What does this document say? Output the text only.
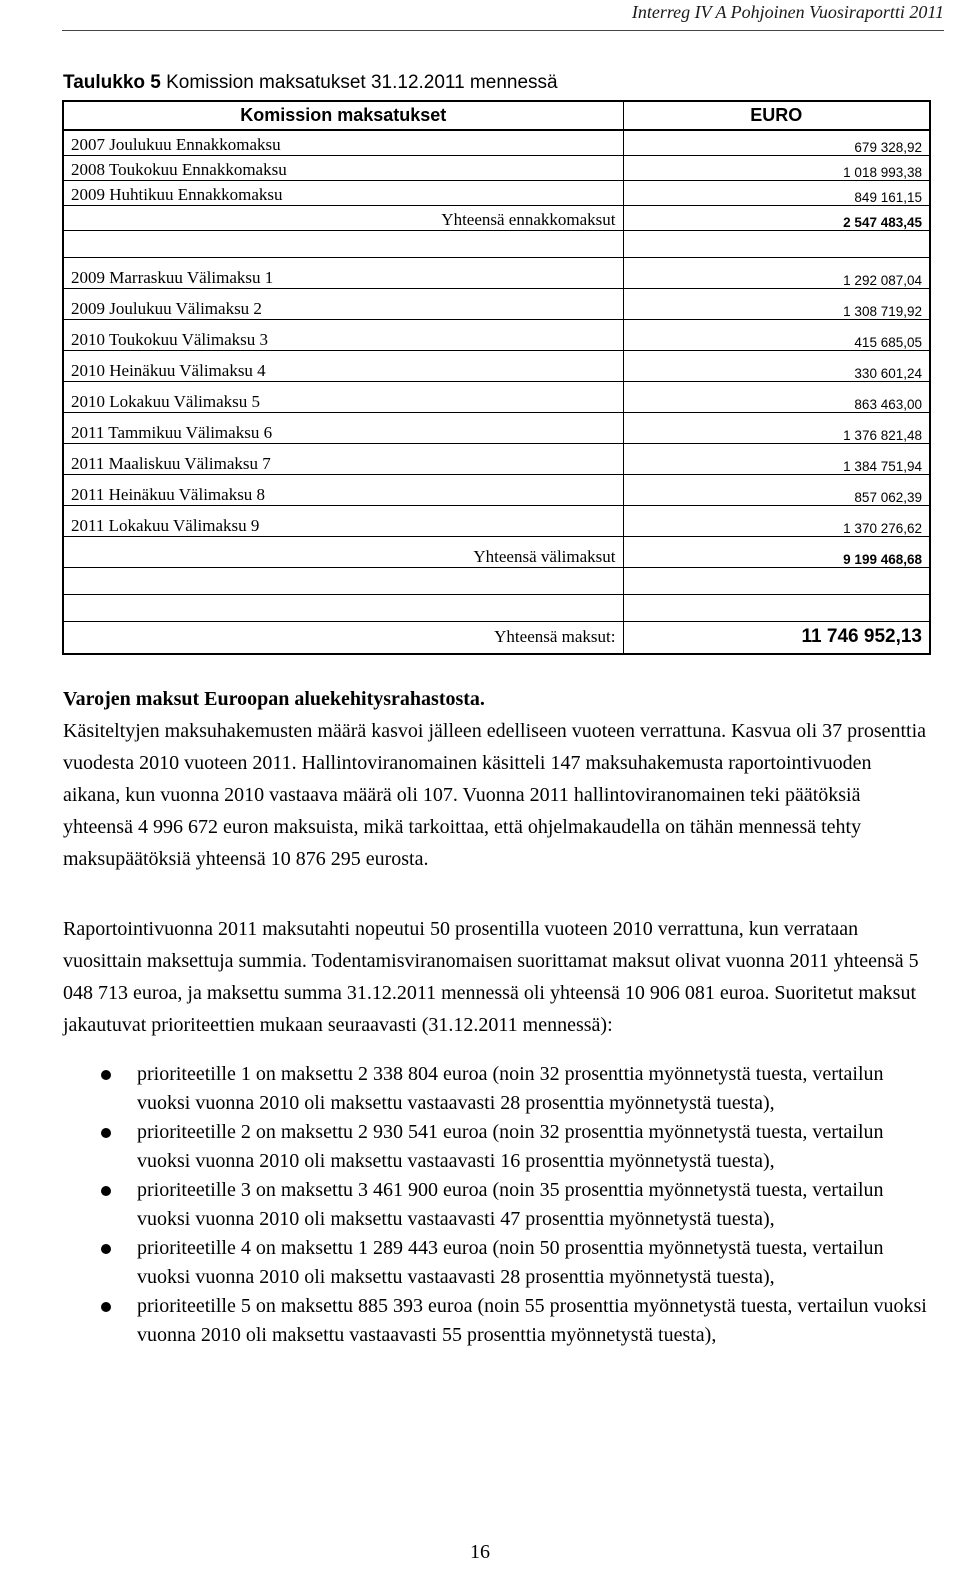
Interreg IV A Pohjoinen Vuosiraportti 2011
Taulukko 5 Komission maksatukset 31.12.2011 mennessä
Komission maksatukset	EURO
2007 Joulukuu Ennakkomaksu	679 328,92
2008 Toukokuu Ennakkomaksu	1 018 993,38
2009 Huhtikuu Ennakkomaksu	849 161,15
Yhteensä ennakkomaksut	2 547 483,45

2009 Marraskuu Välimaksu 1	1 292 087,04
2009 Joulukuu Välimaksu 2	1 308 719,92
2010 Toukokuu Välimaksu 3	415 685,05
2010 Heinäkuu Välimaksu 4	330 601,24
2010 Lokakuu Välimaksu 5	863 463,00
2011 Tammikuu Välimaksu 6	1 376 821,48
2011 Maaliskuu Välimaksu 7	1 384 751,94
2011 Heinäkuu Välimaksu 8	857 062,39
2011 Lokakuu Välimaksu 9	1 370 276,62
Yhteensä välimaksut	9 199 468,68

Yhteensä maksut:	11 746 952,13

Varojen maksut Euroopan aluekehitysrahastosta.

Käsiteltyjen maksuhakemusten määrä kasvoi jälleen edelliseen vuoteen verrattuna. Kasvua oli 37 prosenttia vuodesta 2010 vuoteen 2011. Hallintoviranomainen käsitteli 147 maksuhakemusta raportointivuoden aikana, kun vuonna 2010 vastaava määrä oli 107. Vuonna 2011 hallintoviranomainen teki päätöksiä yhteensä 4 996 672 euron maksuista, mikä tarkoittaa, että ohjelmakaudella on tähän mennessä tehty maksupäätöksiä yhteensä 10 876 295 eurosta.

Raportointivuonna 2011 maksutahti nopeutui 50 prosentilla vuoteen 2010 verrattuna, kun verrataan vuosittain maksettuja summia. Todentamisviranomaisen suorittamat maksut olivat vuonna 2011 yhteensä 5 048 713 euroa, ja maksettu summa 31.12.2011 mennessä oli yhteensä 10 906 081 euroa. Suoritetut maksut jakautuvat prioriteettien mukaan seuraavasti (31.12.2011 mennessä):

prioriteetille 1 on maksettu 2 338 804 euroa (noin 32 prosenttia myönnetystä tuesta, vertailun vuoksi vuonna 2010 oli maksettu vastaavasti 28 prosenttia myönnetystä tuesta),
prioriteetille 2 on maksettu 2 930 541 euroa (noin 32 prosenttia myönnetystä tuesta, vertailun vuoksi vuonna 2010 oli maksettu vastaavasti 16 prosenttia myönnetystä tuesta),
prioriteetille 3 on maksettu 3 461 900 euroa (noin 35 prosenttia myönnetystä tuesta, vertailun vuoksi vuonna 2010 oli maksettu vastaavasti 47 prosenttia myönnetystä tuesta),
prioriteetille 4 on maksettu 1 289 443 euroa (noin 50 prosenttia myönnetystä tuesta, vertailun vuoksi vuonna 2010 oli maksettu vastaavasti 28 prosenttia myönnetystä tuesta),
prioriteetille 5 on maksettu 885 393 euroa (noin 55 prosenttia myönnetystä tuesta, vertailun vuoksi vuonna 2010 oli maksettu vastaavasti 55 prosenttia myönnetystä tuesta),
16
